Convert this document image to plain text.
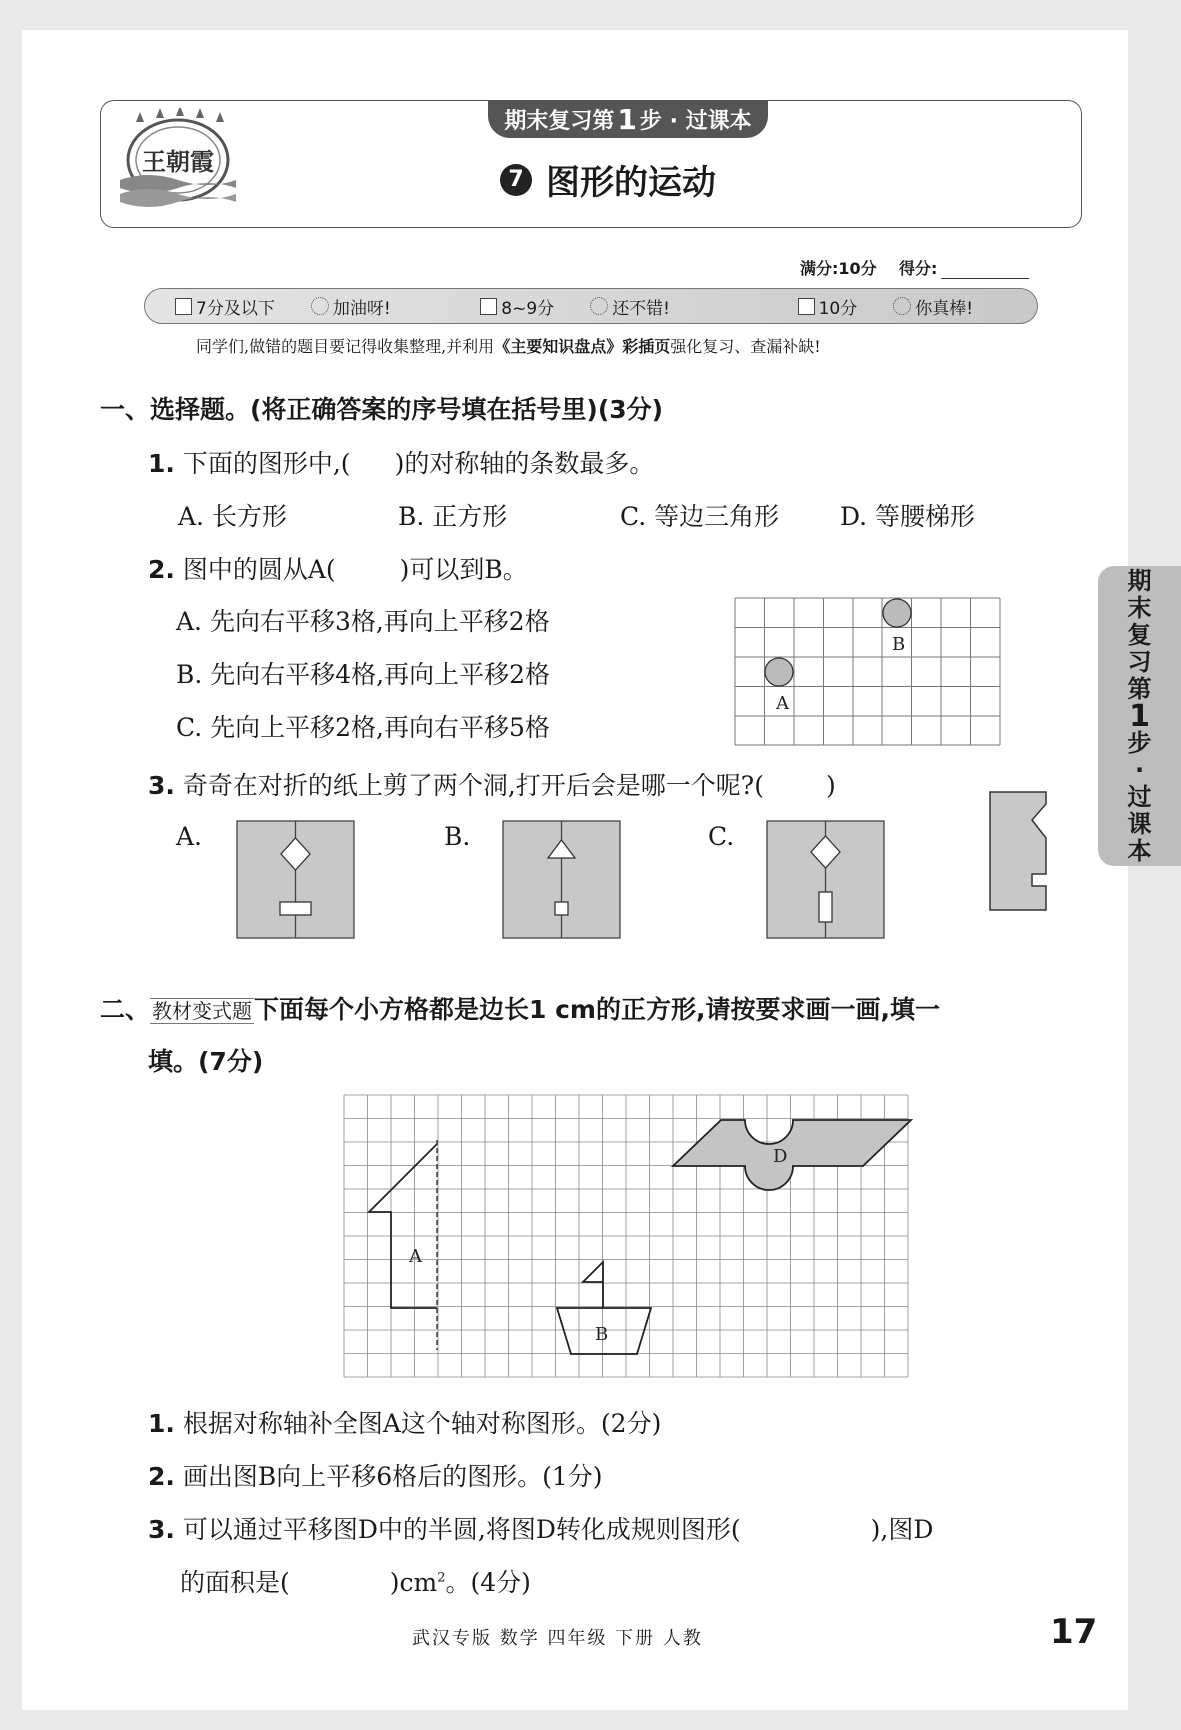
王朝霞
期末复习第 1 步 · 过课本
7 图形的运动
满分:10分 得分:
7分及以下	加油呀!	8~9分	还不错!	10分	你真棒!
同学们,做错的题目要记得收集整理,并利用《主要知识盘点》彩插页强化复习、查漏补缺!
一、选择题。(将正确答案的序号填在括号里)(3分)
1. 下面的图形中,( )的对称轴的条数最多。
A. 长方形	B. 正方形	C. 等边三角形 D. 等腰梯形
2. 图中的圆从A(	)可以到B。
A. 先向右平移3格,再向上平移2格
B. 先向右平移4格,再向上平移2格
C. 先向上平移2格,再向右平移5格
A
B
3. 奇奇在对折的纸上剪了两个洞,打开后会是哪一个呢?( )
A.	B.	C.
期
末
复
习
第
1
步
·
过
课
本
二、 教材变式题下面每个小方格都是边长1 cm的正方形,请按要求画一画,填一
填。(7分)
A
B
D
1. 根据对称轴补全图A这个轴对称图形。(2分)
2. 画出图B向上平移6格后的图形。(1分)
3. 可以通过平移图D中的半圆,将图D转化成规则图形(	),图D
的面积是(	)$cm^2$。(4分)
武汉专版 数学 四年级 下册 人教	17
